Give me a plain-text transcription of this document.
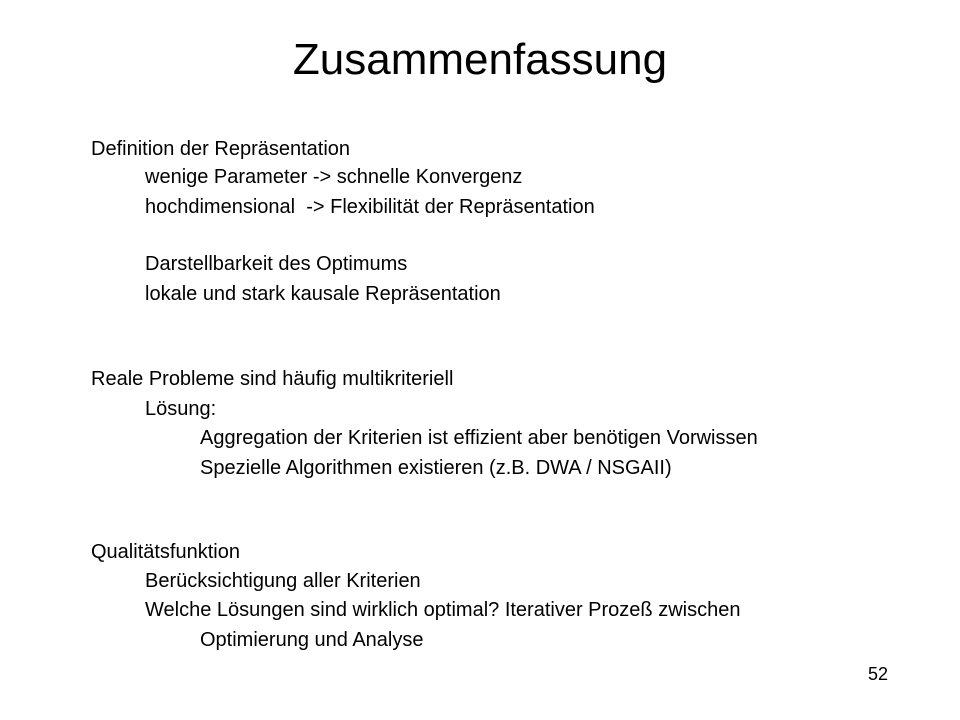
Zusammenfassung
Definition der Repräsentation
wenige Parameter -> schnelle Konvergenz
hochdimensional  -> Flexibilität der Repräsentation
Darstellbarkeit des Optimums
lokale und stark kausale Repräsentation
Reale Probleme sind häufig multikriteriell
Lösung:
Aggregation der Kriterien ist effizient aber benötigen Vorwissen
Spezielle Algorithmen existieren (z.B. DWA / NSGAII)
Qualitätsfunktion
Berücksichtigung aller Kriterien
Welche Lösungen sind wirklich optimal? Iterativer Prozeß zwischen
Optimierung und Analyse
52
